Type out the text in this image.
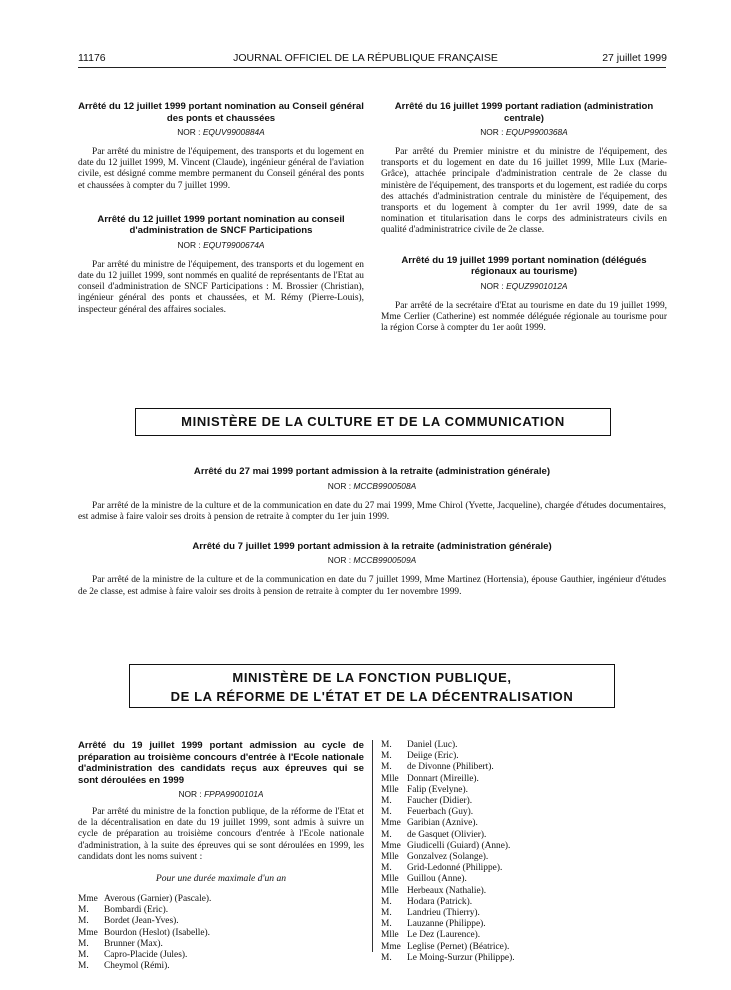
11176	JOURNAL OFFICIEL DE LA RÉPUBLIQUE FRANÇAISE	27 juillet 1999

Arrêté du 12 juillet 1999 portant nomination au Conseil général des ponts et chaussées

NOR : EQUV9900884A

Par arrêté du ministre de l'équipement, des transports et du logement en date du 12 juillet 1999, M. Vincent (Claude), ingénieur général de l'aviation civile, est désigné comme membre permanent du Conseil général des ponts et chaussées à compter du 7 juillet 1999.

Arrêté du 12 juillet 1999 portant nomination au conseil d'administration de SNCF Participations

NOR : EQUT9900674A

Par arrêté du ministre de l'équipement, des transports et du logement en date du 12 juillet 1999, sont nommés en qualité de représentants de l'Etat au conseil d'administration de SNCF Participations : M. Brossier (Christian), ingénieur général des ponts et chaussées, et M. Rémy (Pierre-Louis), inspecteur général des affaires sociales.

Arrêté du 16 juillet 1999 portant radiation (administration centrale)

NOR : EQUP9900368A

Par arrêté du Premier ministre et du ministre de l'équipement, des transports et du logement en date du 16 juillet 1999, Mlle Lux (Marie-Grâce), attachée principale d'administration centrale de 2e classe du ministère de l'équipement, des transports et du logement, est radiée du corps des attachés d'administration centrale du ministère de l'équipement, des transports et du logement à compter du 1er avril 1999, date de sa nomination et titularisation dans le corps des administrateurs civils en qualité d'administratrice civile de 2e classe.

Arrêté du 19 juillet 1999 portant nomination (délégués régionaux au tourisme)

NOR : EQUZ9901012A

Par arrêté de la secrétaire d'Etat au tourisme en date du 19 juillet 1999, Mme Cerlier (Catherine) est nommée déléguée régionale au tourisme pour la région Corse à compter du 1er août 1999.

MINISTÈRE DE LA CULTURE ET DE LA COMMUNICATION

Arrêté du 27 mai 1999 portant admission à la retraite (administration générale)

NOR : MCCB9900508A

Par arrêté de la ministre de la culture et de la communication en date du 27 mai 1999, Mme Chirol (Yvette, Jacqueline), chargée d'études documentaires, est admise à faire valoir ses droits à pension de retraite à compter du 1er juin 1999.

Arrêté du 7 juillet 1999 portant admission à la retraite (administration générale)

NOR : MCCB9900509A

Par arrêté de la ministre de la culture et de la communication en date du 7 juillet 1999, Mme Martinez (Hortensia), épouse Gauthier, ingénieur d'études de 2e classe, est admise à faire valoir ses droits à pension de retraite à compter du 1er novembre 1999.

MINISTÈRE DE LA FONCTION PUBLIQUE,
DE LA RÉFORME DE L'ÉTAT ET DE LA DÉCENTRALISATION

Arrêté du 19 juillet 1999 portant admission au cycle de préparation au troisième concours d'entrée à l'Ecole nationale d'administration des candidats reçus aux épreuves qui se sont déroulées en 1999

NOR : FPPA9900101A

Par arrêté du ministre de la fonction publique, de la réforme de l'Etat et de la décentralisation en date du 19 juillet 1999, sont admis à suivre un cycle de préparation au troisième concours d'entrée à l'Ecole nationale d'administration, à la suite des épreuves qui se sont déroulées en 1999, les candidats dont les noms suivent :

Pour une durée maximale d'un an

Mme Averous (Garnier) (Pascale).
M. Bombardi (Eric).
M. Bordet (Jean-Yves).
Mme Bourdon (Heslot) (Isabelle).
M. Brunner (Max).
M. Capro-Placide (Jules).
M. Cheymol (Rémi).
M. Daniel (Luc).
M. Deiige (Eric).
M. de Divonne (Philibert).
Mlle Donnart (Mireille).
Mlle Falip (Evelyne).
M. Faucher (Didier).
M. Feuerbach (Guy).
Mme Garibian (Aznive).
M. de Gasquet (Olivier).
Mme Giudicelli (Guiard) (Anne).
Mlle Gonzalvez (Solange).
M. Grid-Ledonné (Philippe).
Mlle Guillou (Anne).
Mlle Herbeaux (Nathalie).
M. Hodara (Patrick).
M. Landrieu (Thierry).
M. Lauzanne (Philippe).
Mlle Le Dez (Laurence).
Mme Leglise (Pernet) (Béatrice).
M. Le Moing-Surzur (Philippe).
